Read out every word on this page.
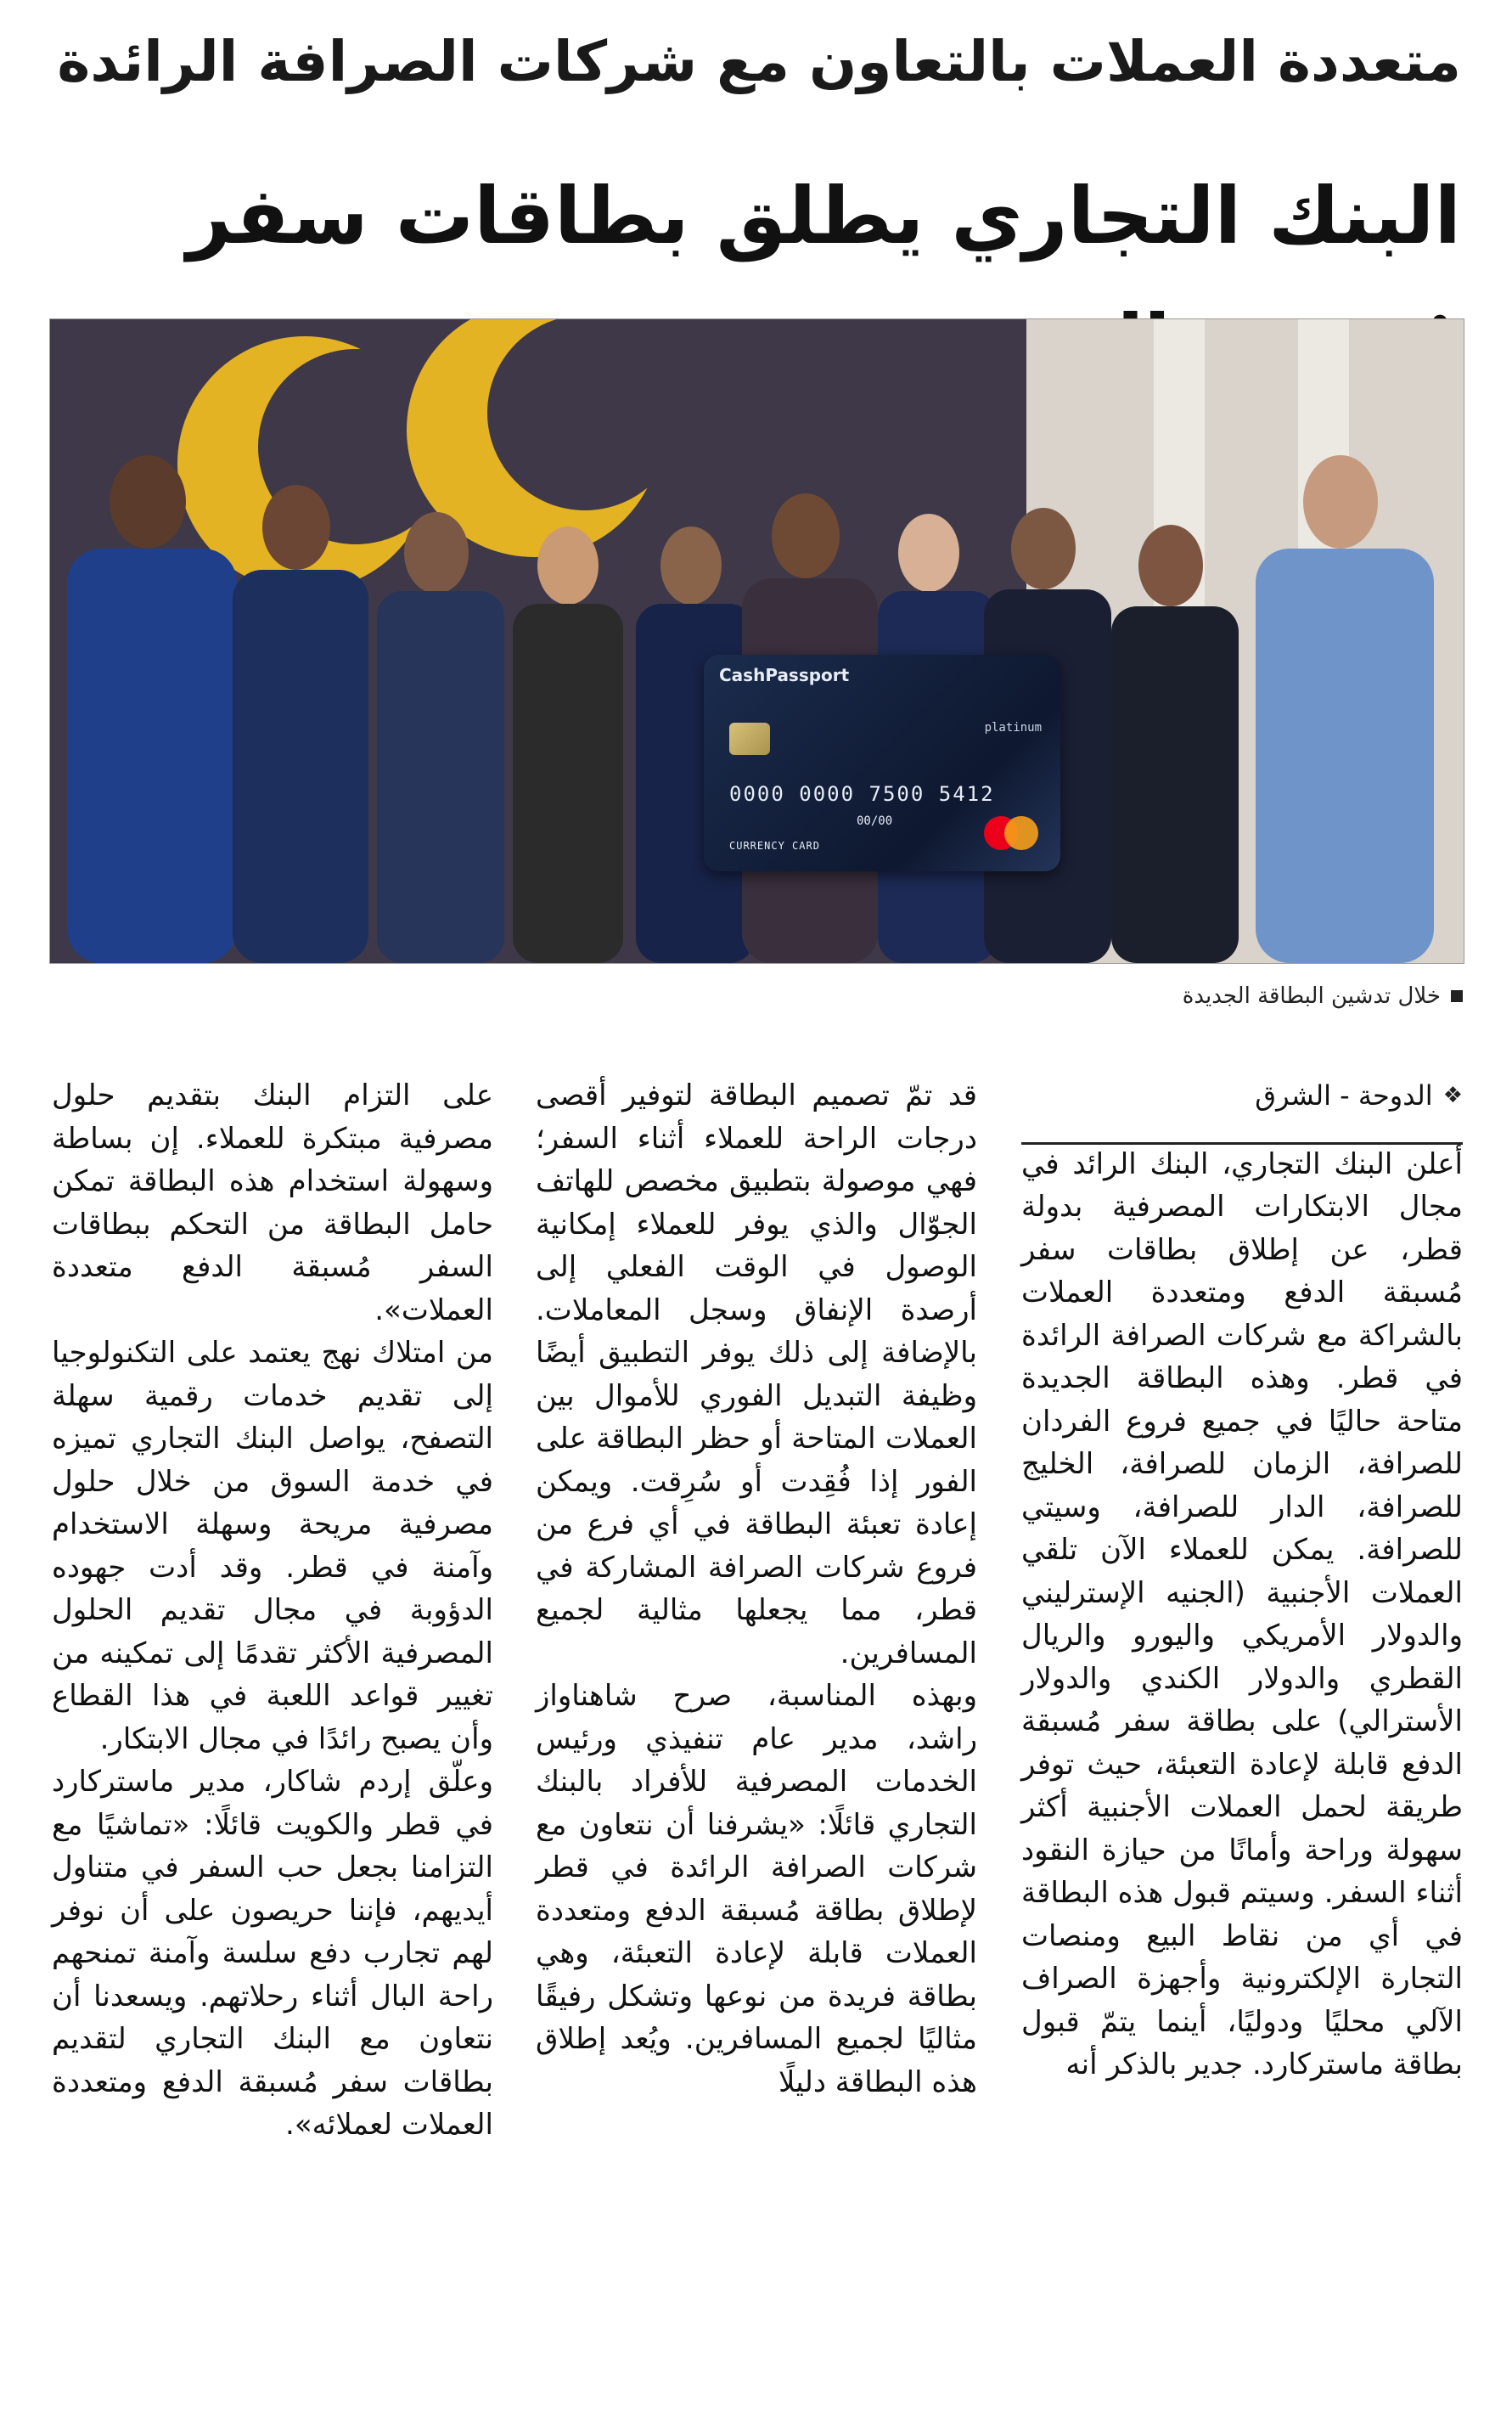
متعددة العملات بالتعاون مع شركات الصرافة الرائدة
البنك التجاري يطلق بطاقات سفر
CashPassport
platinum
5412 7500 0000 0000
00/00
CURRENCY CARD
خلال تدشين البطاقة الجديدة

❖
الدوحة - الشرق

أعلن البنك التجاري، البنك الرائد في مجال الابتكارات المصرفية بدولة قطر، عن إطلاق بطاقات سفر مُسبقة الدفع ومتعددة العملات بالشراكة مع شركات الصرافة الرائدة في قطر. وهذه البطاقة الجديدة متاحة حاليًا في جميع فروع الفردان للصرافة، الزمان للصرافة، الخليج للصرافة، الدار للصرافة، وسيتي للصرافة. يمكن للعملاء الآن تلقي العملات الأجنبية (الجنيه الإسترليني والدولار الأمريكي واليورو والريال القطري والدولار الكندي والدولار الأسترالي) على بطاقة سفر مُسبقة الدفع قابلة لإعادة التعبئة، حيث توفر طريقة لحمل العملات الأجنبية أكثر سهولة وراحة وأمانًا من حيازة النقود أثناء السفر. وسيتم قبول هذه البطاقة في أي من نقاط البيع ومنصات التجارة الإلكترونية وأجهزة الصراف الآلي محليًا ودوليًا، أينما يتمّ قبول بطاقة ماستركارد. جدير بالذكر أنه

قد تمّ تصميم البطاقة لتوفير أقصى درجات الراحة للعملاء أثناء السفر؛ فهي موصولة بتطبيق مخصص للهاتف الجوّال والذي يوفر للعملاء إمكانية الوصول في الوقت الفعلي إلى أرصدة الإنفاق وسجل المعاملات. بالإضافة إلى ذلك يوفر التطبيق أيضًا وظيفة التبديل الفوري للأموال بين العملات المتاحة أو حظر البطاقة على الفور إذا فُقِدت أو سُرِقت. ويمكن إعادة تعبئة البطاقة في أي فرع من فروع شركات الصرافة المشاركة في قطر، مما يجعلها مثالية لجميع المسافرين.

وبهذه المناسبة، صرح شاهناواز راشد، مدير عام تنفيذي ورئيس الخدمات المصرفية للأفراد بالبنك التجاري قائلًا: «يشرفنا أن نتعاون مع شركات الصرافة الرائدة في قطر لإطلاق بطاقة مُسبقة الدفع ومتعددة العملات قابلة لإعادة التعبئة، وهي بطاقة فريدة من نوعها وتشكل رفيقًا مثاليًا لجميع المسافرين. ويُعد إطلاق هذه البطاقة دليلًا

على التزام البنك بتقديم حلول مصرفية مبتكرة للعملاء. إن بساطة وسهولة استخدام هذه البطاقة تمكن حامل البطاقة من التحكم ببطاقات السفر مُسبقة الدفع متعددة العملات».

من امتلاك نهج يعتمد على التكنولوجيا إلى تقديم خدمات رقمية سهلة التصفح، يواصل البنك التجاري تميزه في خدمة السوق من خلال حلول مصرفية مريحة وسهلة الاستخدام وآمنة في قطر. وقد أدت جهوده الدؤوبة في مجال تقديم الحلول المصرفية الأكثر تقدمًا إلى تمكينه من تغيير قواعد اللعبة في هذا القطاع وأن يصبح رائدًا في مجال الابتكار.

وعلّق إردم شاكار، مدير ماستركارد في قطر والكويت قائلًا: «تماشيًا مع التزامنا بجعل حب السفر في متناول أيديهم، فإننا حريصون على أن نوفر لهم تجارب دفع سلسة وآمنة تمنحهم راحة البال أثناء رحلاتهم. ويسعدنا أن نتعاون مع البنك التجاري لتقديم بطاقات سفر مُسبقة الدفع ومتعددة العملات لعملائه».
